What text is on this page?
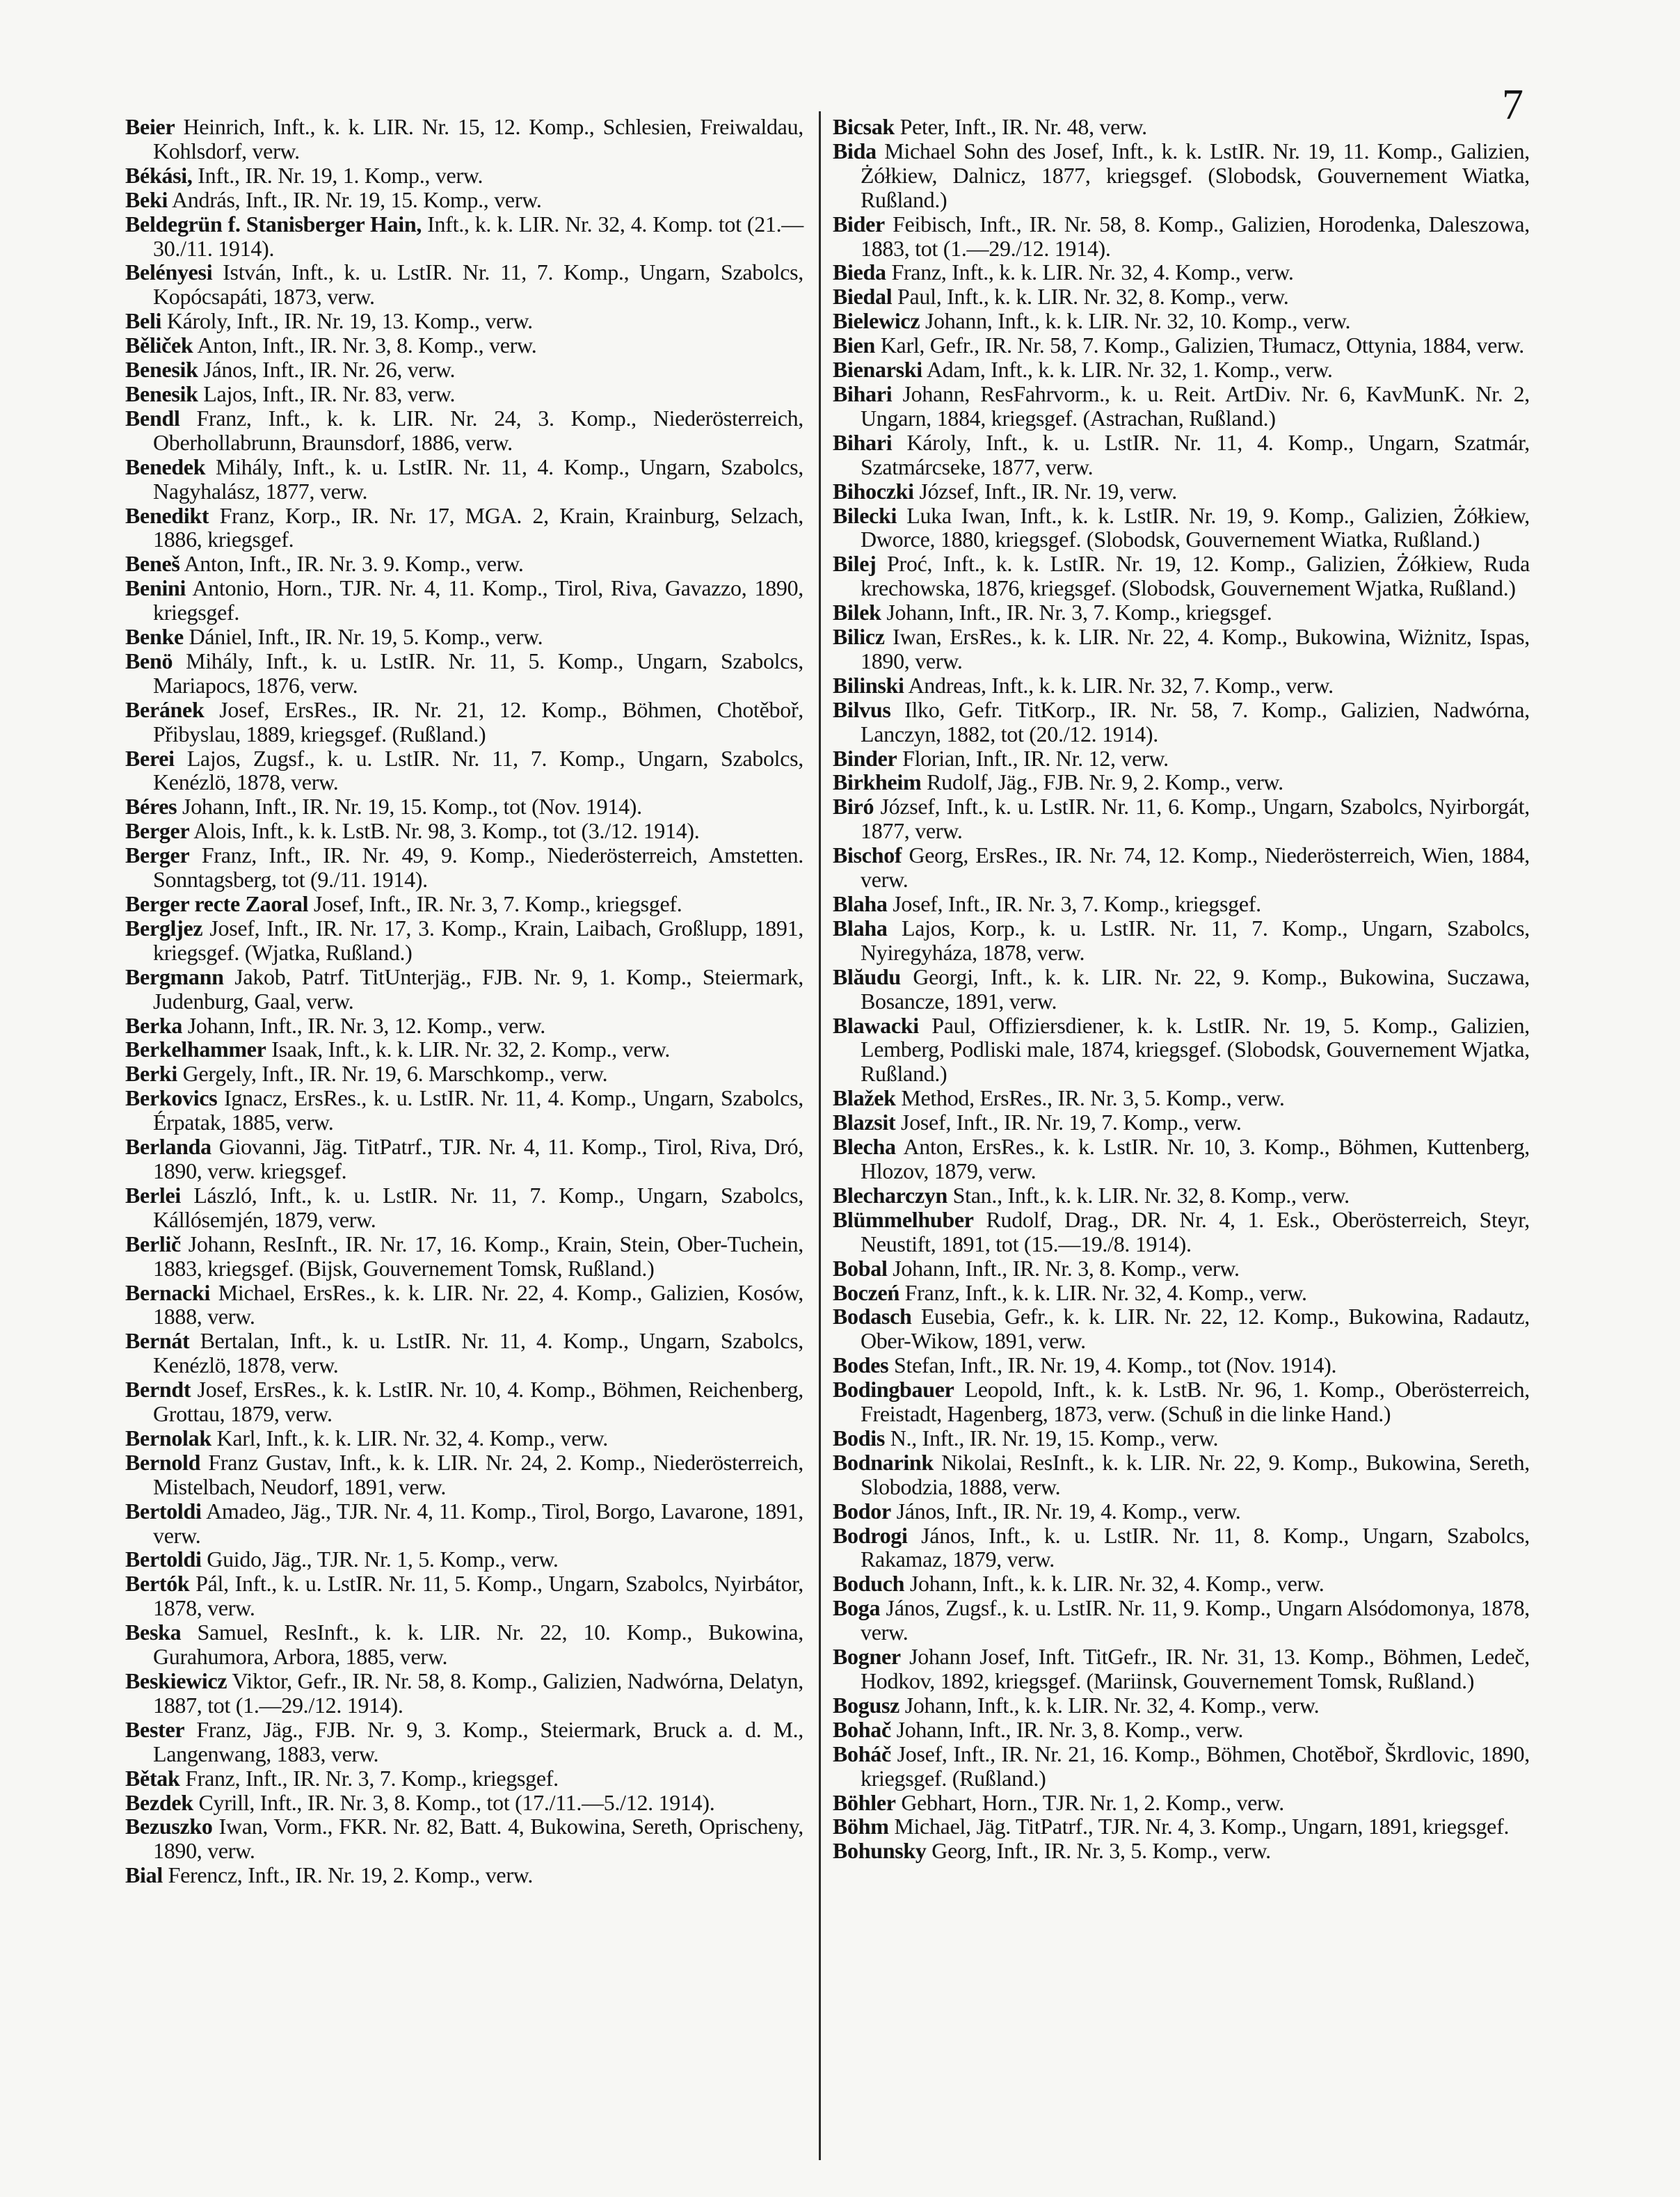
7
Beier Heinrich, Inft., k. k. LIR. Nr. 15, 12. Komp., Schlesien, Freiwaldau, Kohlsdorf, verw.
Békási, Inft., IR. Nr. 19, 1. Komp., verw.
Beki András, Inft., IR. Nr. 19, 15. Komp., verw.
Beldegrün f. Stanisberger Hain, Inft., k. k. LIR. Nr. 32, 4. Komp. tot (21.—30./11. 1914).
Belényesi István, Inft., k. u. LstIR. Nr. 11, 7. Komp., Ungarn, Szabolcs, Kopócsapáti, 1873, verw.
Beli Károly, Inft., IR. Nr. 19, 13. Komp., verw.
Běliček Anton, Inft., IR. Nr. 3, 8. Komp., verw.
Benesik János, Inft., IR. Nr. 26, verw.
Benesik Lajos, Inft., IR. Nr. 83, verw.
Bendl Franz, Inft., k. k. LIR. Nr. 24, 3. Komp., Niederösterreich, Oberhollabrunn, Braunsdorf, 1886, verw.
Benedek Mihály, Inft., k. u. LstIR. Nr. 11, 4. Komp., Ungarn, Szabolcs, Nagyhalász, 1877, verw.
Benedikt Franz, Korp., IR. Nr. 17, MGA. 2, Krain, Krainburg, Selzach, 1886, kriegsgef.
Beneš Anton, Inft., IR. Nr. 3. 9. Komp., verw.
Benini Antonio, Horn., TJR. Nr. 4, 11. Komp., Tirol, Riva, Gavazzo, 1890, kriegsgef.
Benke Dániel, Inft., IR. Nr. 19, 5. Komp., verw.
Benö Mihály, Inft., k. u. LstIR. Nr. 11, 5. Komp., Ungarn, Szabolcs, Mariapocs, 1876, verw.
Beránek Josef, ErsRes., IR. Nr. 21, 12. Komp., Böhmen, Chotěboř, Přibyslau, 1889, kriegsgef. (Rußland.)
Berei Lajos, Zugsf., k. u. LstIR. Nr. 11, 7. Komp., Ungarn, Szabolcs, Kenézlö, 1878, verw.
Béres Johann, Inft., IR. Nr. 19, 15. Komp., tot (Nov. 1914).
Berger Alois, Inft., k. k. LstB. Nr. 98, 3. Komp., tot (3./12. 1914).
Berger Franz, Inft., IR. Nr. 49, 9. Komp., Niederösterreich, Amstetten. Sonntagsberg, tot (9./11. 1914).
Berger recte Zaoral Josef, Inft., IR. Nr. 3, 7. Komp., kriegsgef.
Bergljez Josef, Inft., IR. Nr. 17, 3. Komp., Krain, Laibach, Großlupp, 1891, kriegsgef. (Wjatka, Rußland.)
Bergmann Jakob, Patrf. TitUnterjäg., FJB. Nr. 9, 1. Komp., Steiermark, Judenburg, Gaal, verw.
Berka Johann, Inft., IR. Nr. 3, 12. Komp., verw.
Berkelhammer Isaak, Inft., k. k. LIR. Nr. 32, 2. Komp., verw.
Berki Gergely, Inft., IR. Nr. 19, 6. Marschkomp., verw.
Berkovics Ignacz, ErsRes., k. u. LstIR. Nr. 11, 4. Komp., Ungarn, Szabolcs, Érpatak, 1885, verw.
Berlanda Giovanni, Jäg. TitPatrf., TJR. Nr. 4, 11. Komp., Tirol, Riva, Dró, 1890, verw. kriegsgef.
Berlei László, Inft., k. u. LstIR. Nr. 11, 7. Komp., Ungarn, Szabolcs, Kállósemjén, 1879, verw.
Berlič Johann, ResInft., IR. Nr. 17, 16. Komp., Krain, Stein, Ober-Tuchein, 1883, kriegsgef. (Bijsk, Gouvernement Tomsk, Rußland.)
Bernacki Michael, ErsRes., k. k. LIR. Nr. 22, 4. Komp., Galizien, Kosów, 1888, verw.
Bernát Bertalan, Inft., k. u. LstIR. Nr. 11, 4. Komp., Ungarn, Szabolcs, Kenézlö, 1878, verw.
Berndt Josef, ErsRes., k. k. LstIR. Nr. 10, 4. Komp., Böhmen, Reichenberg, Grottau, 1879, verw.
Bernolak Karl, Inft., k. k. LIR. Nr. 32, 4. Komp., verw.
Bernold Franz Gustav, Inft., k. k. LIR. Nr. 24, 2. Komp., Niederösterreich, Mistelbach, Neudorf, 1891, verw.
Bertoldi Amadeo, Jäg., TJR. Nr. 4, 11. Komp., Tirol, Borgo, Lavarone, 1891, verw.
Bertoldi Guido, Jäg., TJR. Nr. 1, 5. Komp., verw.
Bertók Pál, Inft., k. u. LstIR. Nr. 11, 5. Komp., Ungarn, Szabolcs, Nyirbátor, 1878, verw.
Beska Samuel, ResInft., k. k. LIR. Nr. 22, 10. Komp., Bukowina, Gurahumora, Arbora, 1885, verw.
Beskiewicz Viktor, Gefr., IR. Nr. 58, 8. Komp., Galizien, Nadwórna, Delatyn, 1887, tot (1.—29./12. 1914).
Bester Franz, Jäg., FJB. Nr. 9, 3. Komp., Steiermark, Bruck a. d. M., Langenwang, 1883, verw.
Bětak Franz, Inft., IR. Nr. 3, 7. Komp., kriegsgef.
Bezdek Cyrill, Inft., IR. Nr. 3, 8. Komp., tot (17./11.—5./12. 1914).
Bezuszko Iwan, Vorm., FKR. Nr. 82, Batt. 4, Bukowina, Sereth, Oprischeny, 1890, verw.
Bial Ferencz, Inft., IR. Nr. 19, 2. Komp., verw.
Bicsak Peter, Inft., IR. Nr. 48, verw.
Bida Michael Sohn des Josef, Inft., k. k. LstIR. Nr. 19, 11. Komp., Galizien, Żółkiew, Dalnicz, 1877, kriegsgef. (Slobodsk, Gouvernement Wiatka, Rußland.)
Bider Feibisch, Inft., IR. Nr. 58, 8. Komp., Galizien, Horodenka, Daleszowa, 1883, tot (1.—29./12. 1914).
Bieda Franz, Inft., k. k. LIR. Nr. 32, 4. Komp., verw.
Biedal Paul, Inft., k. k. LIR. Nr. 32, 8. Komp., verw.
Bielewicz Johann, Inft., k. k. LIR. Nr. 32, 10. Komp., verw.
Bien Karl, Gefr., IR. Nr. 58, 7. Komp., Galizien, Tłumacz, Ottynia, 1884, verw.
Bienarski Adam, Inft., k. k. LIR. Nr. 32, 1. Komp., verw.
Bihari Johann, ResFahrvorm., k. u. Reit. ArtDiv. Nr. 6, KavMunK. Nr. 2, Ungarn, 1884, kriegsgef. (Astrachan, Rußland.)
Bihari Károly, Inft., k. u. LstIR. Nr. 11, 4. Komp., Ungarn, Szatmár, Szatmárcseke, 1877, verw.
Bihoczki József, Inft., IR. Nr. 19, verw.
Bilecki Luka Iwan, Inft., k. k. LstIR. Nr. 19, 9. Komp., Galizien, Żółkiew, Dworce, 1880, kriegsgef. (Slobodsk, Gouvernement Wiatka, Rußland.)
Bilej Proć, Inft., k. k. LstIR. Nr. 19, 12. Komp., Galizien, Żółkiew, Ruda krechowska, 1876, kriegsgef. (Slobodsk, Gouvernement Wjatka, Rußland.)
Bilek Johann, Inft., IR. Nr. 3, 7. Komp., kriegsgef.
Bilicz Iwan, ErsRes., k. k. LIR. Nr. 22, 4. Komp., Bukowina, Wiżnitz, Ispas, 1890, verw.
Bilinski Andreas, Inft., k. k. LIR. Nr. 32, 7. Komp., verw.
Bilvus Ilko, Gefr. TitKorp., IR. Nr. 58, 7. Komp., Galizien, Nadwórna, Lanczyn, 1882, tot (20./12. 1914).
Binder Florian, Inft., IR. Nr. 12, verw.
Birkheim Rudolf, Jäg., FJB. Nr. 9, 2. Komp., verw.
Biró József, Inft., k. u. LstIR. Nr. 11, 6. Komp., Ungarn, Szabolcs, Nyirborgát, 1877, verw.
Bischof Georg, ErsRes., IR. Nr. 74, 12. Komp., Niederösterreich, Wien, 1884, verw.
Blaha Josef, Inft., IR. Nr. 3, 7. Komp., kriegsgef.
Blaha Lajos, Korp., k. u. LstIR. Nr. 11, 7. Komp., Ungarn, Szabolcs, Nyiregyháza, 1878, verw.
Blăudu Georgi, Inft., k. k. LIR. Nr. 22, 9. Komp., Bukowina, Suczawa, Bosancze, 1891, verw.
Blawacki Paul, Offiziersdiener, k. k. LstIR. Nr. 19, 5. Komp., Galizien, Lemberg, Podliski male, 1874, kriegsgef. (Slobodsk, Gouvernement Wjatka, Rußland.)
Blažek Method, ErsRes., IR. Nr. 3, 5. Komp., verw.
Blazsit Josef, Inft., IR. Nr. 19, 7. Komp., verw.
Blecha Anton, ErsRes., k. k. LstIR. Nr. 10, 3. Komp., Böhmen, Kuttenberg, Hlozov, 1879, verw.
Blecharczyn Stan., Inft., k. k. LIR. Nr. 32, 8. Komp., verw.
Blümmelhuber Rudolf, Drag., DR. Nr. 4, 1. Esk., Oberösterreich, Steyr, Neustift, 1891, tot (15.—19./8. 1914).
Bobal Johann, Inft., IR. Nr. 3, 8. Komp., verw.
Boczeń Franz, Inft., k. k. LIR. Nr. 32, 4. Komp., verw.
Bodasch Eusebia, Gefr., k. k. LIR. Nr. 22, 12. Komp., Bukowina, Radautz, Ober-Wikow, 1891, verw.
Bodes Stefan, Inft., IR. Nr. 19, 4. Komp., tot (Nov. 1914).
Bodingbauer Leopold, Inft., k. k. LstB. Nr. 96, 1. Komp., Oberösterreich, Freistadt, Hagenberg, 1873, verw. (Schuß in die linke Hand.)
Bodis N., Inft., IR. Nr. 19, 15. Komp., verw.
Bodnarink Nikolai, ResInft., k. k. LIR. Nr. 22, 9. Komp., Bukowina, Sereth, Slobodzia, 1888, verw.
Bodor János, Inft., IR. Nr. 19, 4. Komp., verw.
Bodrogi János, Inft., k. u. LstIR. Nr. 11, 8. Komp., Ungarn, Szabolcs, Rakamaz, 1879, verw.
Boduch Johann, Inft., k. k. LIR. Nr. 32, 4. Komp., verw.
Boga János, Zugsf., k. u. LstIR. Nr. 11, 9. Komp., Ungarn Alsódomonya, 1878, verw.
Bogner Johann Josef, Inft. TitGefr., IR. Nr. 31, 13. Komp., Böhmen, Ledeč, Hodkov, 1892, kriegsgef. (Mariinsk, Gouvernement Tomsk, Rußland.)
Bogusz Johann, Inft., k. k. LIR. Nr. 32, 4. Komp., verw.
Bohač Johann, Inft., IR. Nr. 3, 8. Komp., verw.
Boháč Josef, Inft., IR. Nr. 21, 16. Komp., Böhmen, Chotěboř, Škrdlovic, 1890, kriegsgef. (Rußland.)
Böhler Gebhart, Horn., TJR. Nr. 1, 2. Komp., verw.
Böhm Michael, Jäg. TitPatrf., TJR. Nr. 4, 3. Komp., Ungarn, 1891, kriegsgef.
Bohunsky Georg, Inft., IR. Nr. 3, 5. Komp., verw.
